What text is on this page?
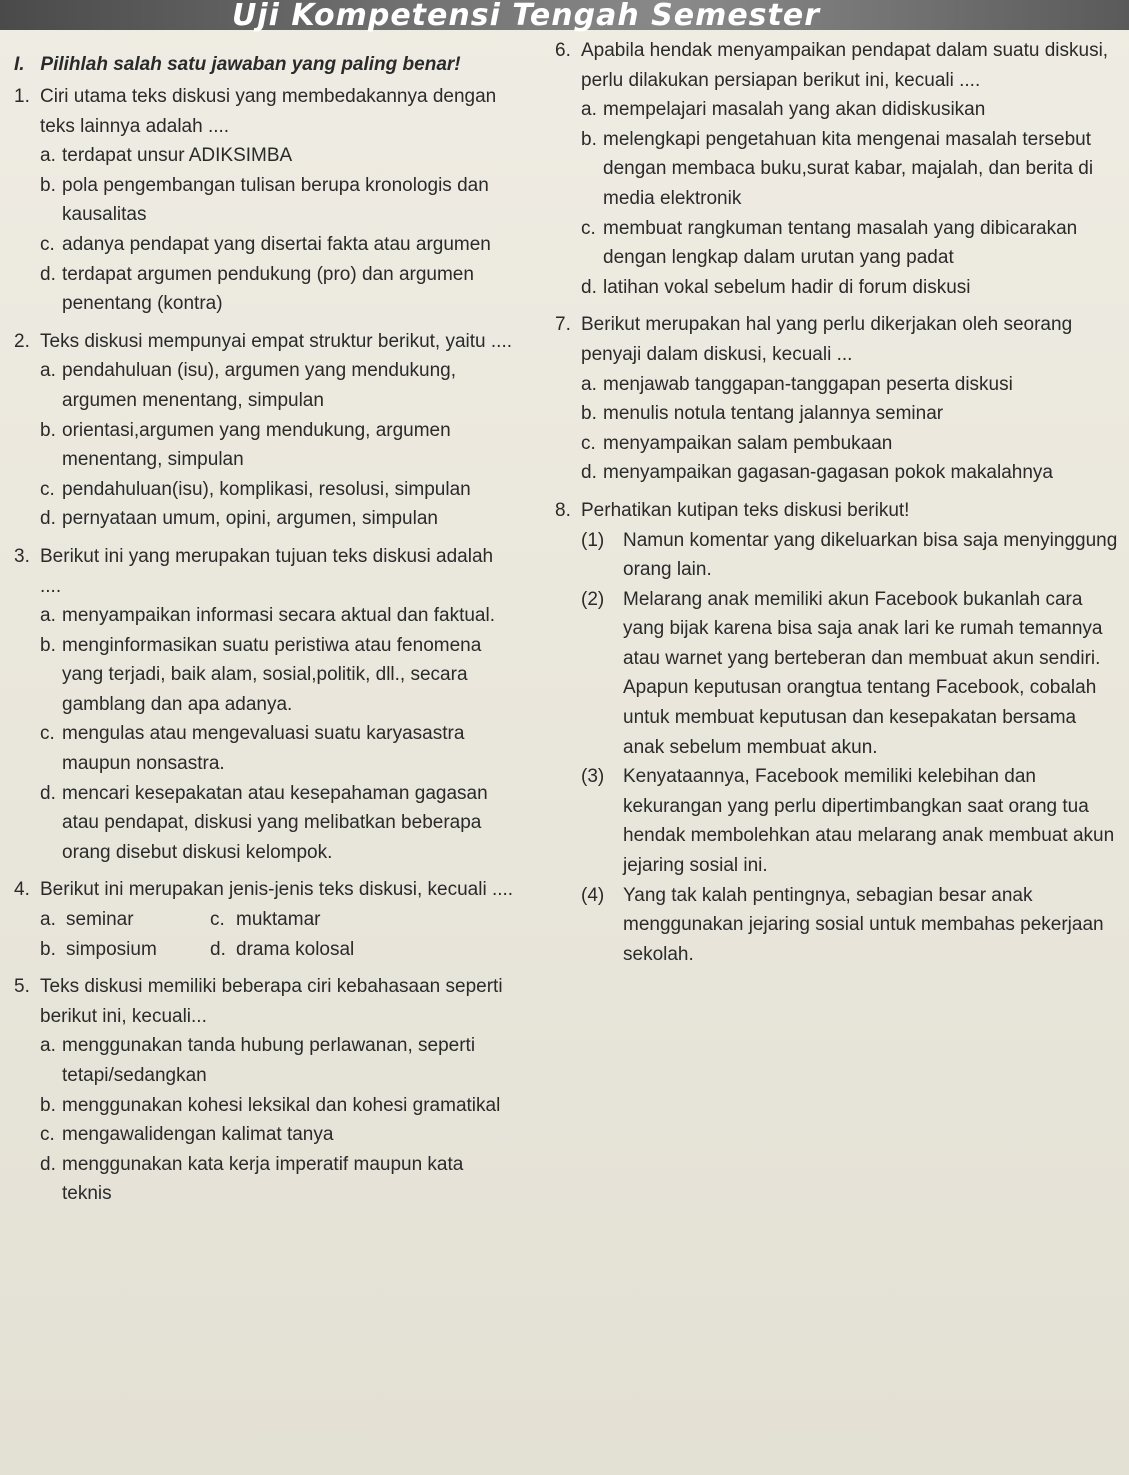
Uji Kompetensi Tengah Semester
I.   Pilihlah salah satu jawaban yang paling benar!
1. Ciri utama teks diskusi yang membedakannya dengan teks lainnya adalah ....
a. terdapat unsur ADIKSIMBA
b. pola pengembangan tulisan berupa kronologis dan kausalitas
c. adanya pendapat yang disertai fakta atau argumen
d. terdapat argumen pendukung (pro) dan argumen penentang (kontra)
2. Teks diskusi mempunyai empat struktur berikut, yaitu ....
a. pendahuluan (isu), argumen yang mendukung, argumen menentang, simpulan
b. orientasi,argumen yang mendukung, argumen menentang, simpulan
c. pendahuluan(isu), komplikasi, resolusi, simpulan
d. pernyataan umum, opini, argumen, simpulan
3. Berikut ini yang merupakan tujuan teks diskusi adalah ....
a. menyampaikan informasi secara aktual dan faktual.
b. menginformasikan suatu peristiwa atau fenomena yang terjadi, baik alam, sosial,politik, dll., secara gamblang dan apa adanya.
c. mengulas atau mengevaluasi suatu karyasastra maupun nonsastra.
d. mencari kesepakatan atau kesepahaman gagasan atau pendapat, diskusi yang melibatkan beberapa orang disebut diskusi kelompok.
4. Berikut ini merupakan jenis-jenis teks diskusi, kecuali ....
a. seminar	c. muktamar
b. simposium	d. drama kolosal
5. Teks diskusi memiliki beberapa ciri kebahasaan seperti berikut ini, kecuali...
a. menggunakan tanda hubung perlawanan, seperti tetapi/sedangkan
b. menggunakan kohesi leksikal dan kohesi gramatikal
c. mengawalidengan kalimat tanya
d. menggunakan kata kerja imperatif maupun kata teknis
6. Apabila hendak menyampaikan pendapat dalam suatu diskusi, perlu dilakukan persiapan berikut ini, kecuali ....
a. mempelajari masalah yang akan didiskusikan
b. melengkapi pengetahuan kita mengenai masalah tersebut dengan membaca buku,surat kabar, majalah, dan berita di media elektronik
c. membuat rangkuman tentang masalah yang dibicarakan dengan lengkap dalam urutan yang padat
d. latihan vokal sebelum hadir di forum diskusi
7. Berikut merupakan hal yang perlu dikerjakan oleh seorang penyaji dalam diskusi, kecuali ...
a. menjawab tanggapan-tanggapan peserta diskusi
b. menulis notula tentang jalannya seminar
c. menyampaikan salam pembukaan
d. menyampaikan gagasan-gagasan pokok makalahnya
8. Perhatikan kutipan teks diskusi berikut!
(1) Namun komentar yang dikeluarkan bisa saja menyinggung orang lain.
(2) Melarang anak memiliki akun Facebook bukanlah cara yang bijak karena bisa saja anak lari ke rumah temannya atau warnet yang berteberan dan membuat akun sendiri. Apapun keputusan orangtua tentang Facebook, cobalah untuk membuat keputusan dan kesepakatan bersama anak sebelum membuat akun.
(3) Kenyataannya, Facebook memiliki kelebihan dan kekurangan yang perlu dipertimbangkan saat orang tua hendak membolehkan atau melarang anak membuat akun jejaring sosial ini.
(4) Yang tak kalah pentingnya, sebagian besar anak menggunakan jejaring sosial untuk membahas pekerjaan sekolah.
